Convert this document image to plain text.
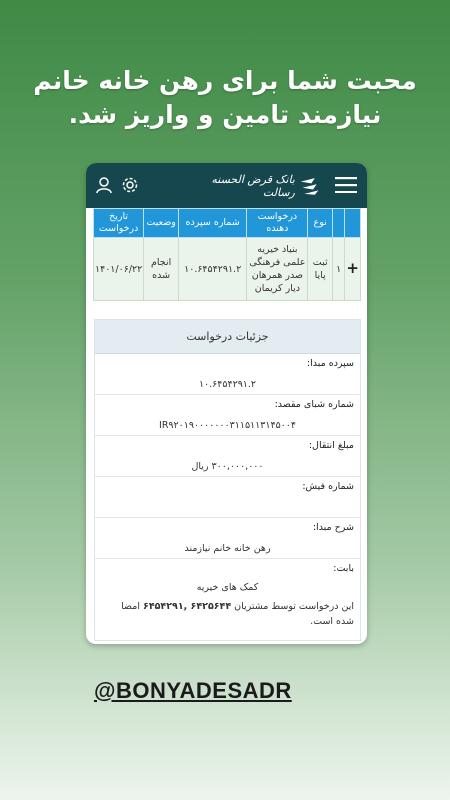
محبت شما برای رهن خانه خانم نیازمند تامین و واریز شد.
بانک قرض الحسنه رسالت
		نوع	درخواست دهنده	شماره سپرده	وضعیت	تاریخ درخواست
+	۱	ثبت پایا	بنیاد خیریه علمی فرهنگی صدر همرهان دیار کریمان	۱۰.۶۴۵۴۲۹۱.۲	انجام شده	۱۴۰۱/۰۶/۲۲
جزئیات درخواست
سپرده مبدا:
۱۰.۶۴۵۴۲۹۱.۲
شماره شبای مقصد:
IR۹۲۰۱۹۰۰۰۰۰۰۰۳۱۱۵۱۱۳۱۴۵۰۰۴
مبلغ انتقال:
۳۰۰,۰۰۰,۰۰۰ ریال
شماره فیش:
شرح مبدا:
رهن خانه خانم نیازمند
بابت:
کمک های خیریه
این درخواست توسط مشتریان ۶۴۲۵۶۴۴ ,۶۴۵۴۲۹۱ امضا شده است.
@BONYADESADR
